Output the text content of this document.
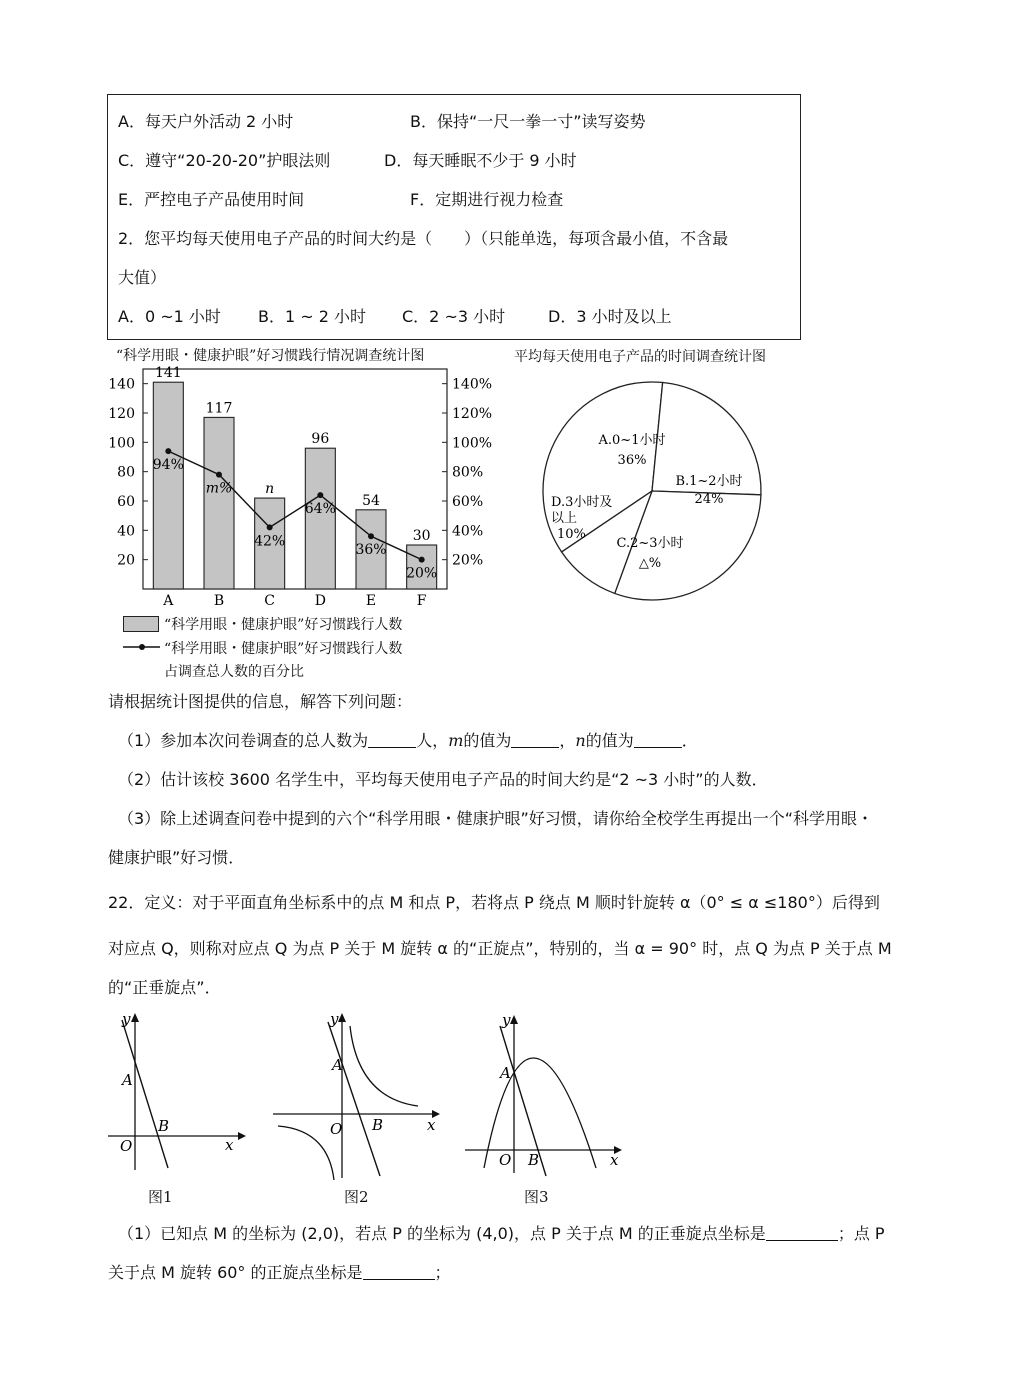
A．每天户外活动 2 小时	B．保持“一尺一拳一寸”读写姿势
C．遵守“20-20-20”护眼法则	D．每天睡眠不少于 9 小时
E．严控电子产品使用时间	F．定期进行视力检查
2．您平均每天使用电子产品的时间大约是（　　）（只能单选，每项含最小值，不含最
大值）
A．0 ~1 小时 B．1 ~ 2 小时 C．2 ~3 小时	D．3 小时及以上
“科学用眼・健康护眼”好习惯践行情况调查统计图	平均每天使用电子产品的时间调查统计图
20	20%
40	40%
60	60%
80	80%
100	100%
120	120%
140	140%
141
A
117
B
n
C
96
D
54
E
30
F
94%
m%
42%
64%
36%
20%
“科学用眼・健康护眼”好习惯践行人数
“科学用眼・健康护眼”好习惯践行人数
占调查总人数的百分比
A.0~1小时
36%
B.1~2小时
24%
C.2~3小时
△%
D.3小时及
以上
10%
请根据统计图提供的信息，解答下列问题：
（1）参加本次问卷调查的总人数为	人，m的值为	，n的值为	．
（2）估计该校 3600 名学生中，平均每天使用电子产品的时间大约是“2 ~3 小时”的人数．
（3）除上述调查问卷中提到的六个“科学用眼・健康护眼”好习惯，请你给全校学生再提出一个“科学用眼・
健康护眼”好习惯．
22．定义：对于平面直角坐标系中的点 M 和点 P，若将点 P 绕点 M 顺时针旋转 α（0° ≤ α ≤180°）后得到
对应点 Q，则称对应点 Q 为点 P 关于 M 旋转 α 的“正旋点”，特别的，当 α = 90° 时，点 Q 为点 P 关于点 M
的“正垂旋点”．
y
x
O
A
B
图1
y
x
O
A
B
图2
y
x
O
A
B
图3
（1）已知点 M 的坐标为 (2,0)，若点 P 的坐标为 (4,0)，点 P 关于点 M 的正垂旋点坐标是	；点 P
关于点 M 旋转 60° 的正旋点坐标是	；
